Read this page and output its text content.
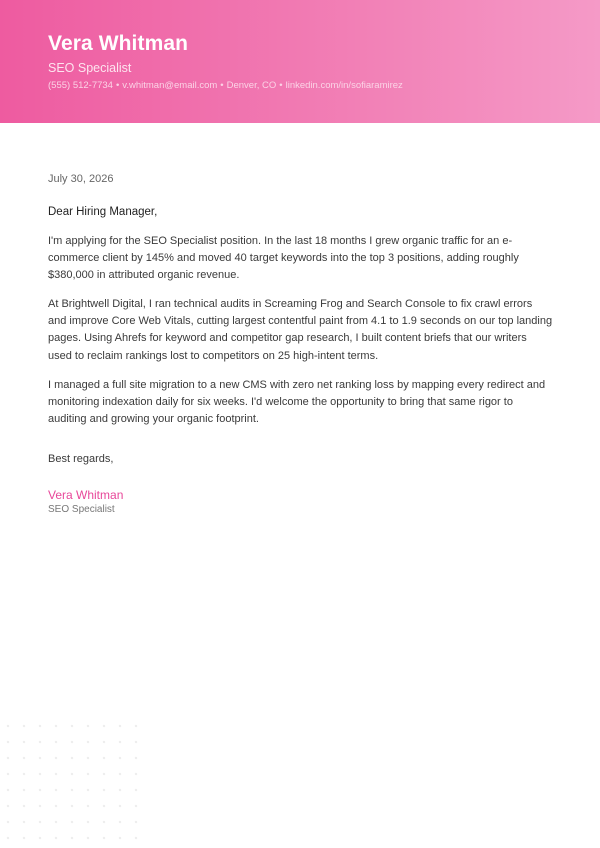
Vera Whitman
SEO Specialist
(555) 512-7734 • v.whitman@email.com • Denver, CO • linkedin.com/in/sofiaramirez
July 30, 2026
Dear Hiring Manager,

I'm applying for the SEO Specialist position. In the last 18 months I grew organic traffic for an e-commerce client by 145% and moved 40 target keywords into the top 3 positions, adding roughly $380,000 in attributed organic revenue.

At Brightwell Digital, I ran technical audits in Screaming Frog and Search Console to fix crawl errors and improve Core Web Vitals, cutting largest contentful paint from 4.1 to 1.9 seconds on our top landing pages. Using Ahrefs for keyword and competitor gap research, I built content briefs that our writers used to reclaim rankings lost to competitors on 25 high-intent terms.

I managed a full site migration to a new CMS with zero net ranking loss by mapping every redirect and monitoring indexation daily for six weeks. I'd welcome the opportunity to bring that same rigor to auditing and growing your organic footprint.

Best regards,
Vera Whitman
SEO Specialist
